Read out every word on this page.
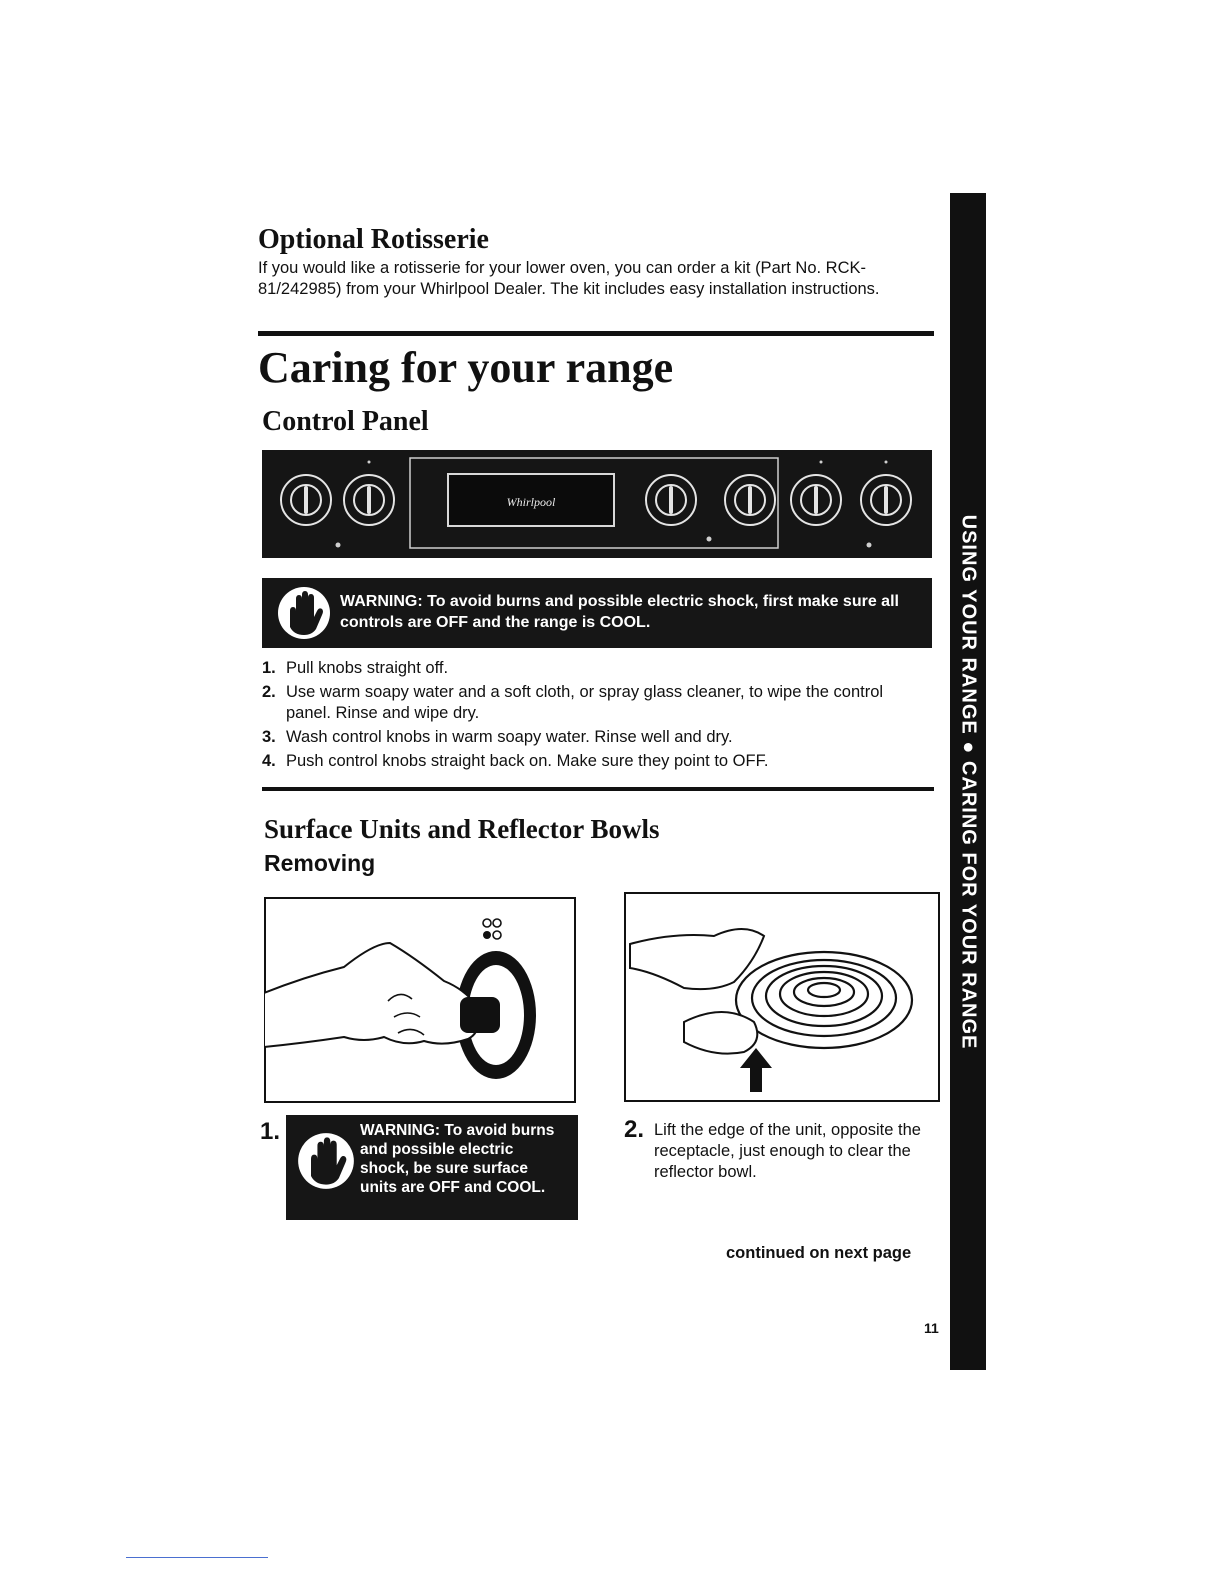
Optional Rotisserie
If you would like a rotisserie for your lower oven, you can order a kit (Part No. RCK-81/242985) from your Whirlpool Dealer. The kit includes easy installation instructions.
Caring for your range
Control Panel
Whirlpool
WARNING: To avoid burns and possible electric shock, first make sure all controls are OFF and the range is COOL.
1. Pull knobs straight off.
2. Use warm soapy water and a soft cloth, or spray glass cleaner, to wipe the control panel. Rinse and wipe dry.
3. Wash control knobs in warm soapy water. Rinse well and dry.
4. Push control knobs straight back on. Make sure they point to OFF.
Surface Units and Reflector Bowls
Removing
1.	WARNING: To avoid burns and possible electric shock, be sure surface units are OFF and COOL.
2. Lift the edge of the unit, opposite the receptacle, just enough to clear the reflector bowl.
continued on next page
11
USING YOUR RANGE ● CARING FOR YOUR RANGE
